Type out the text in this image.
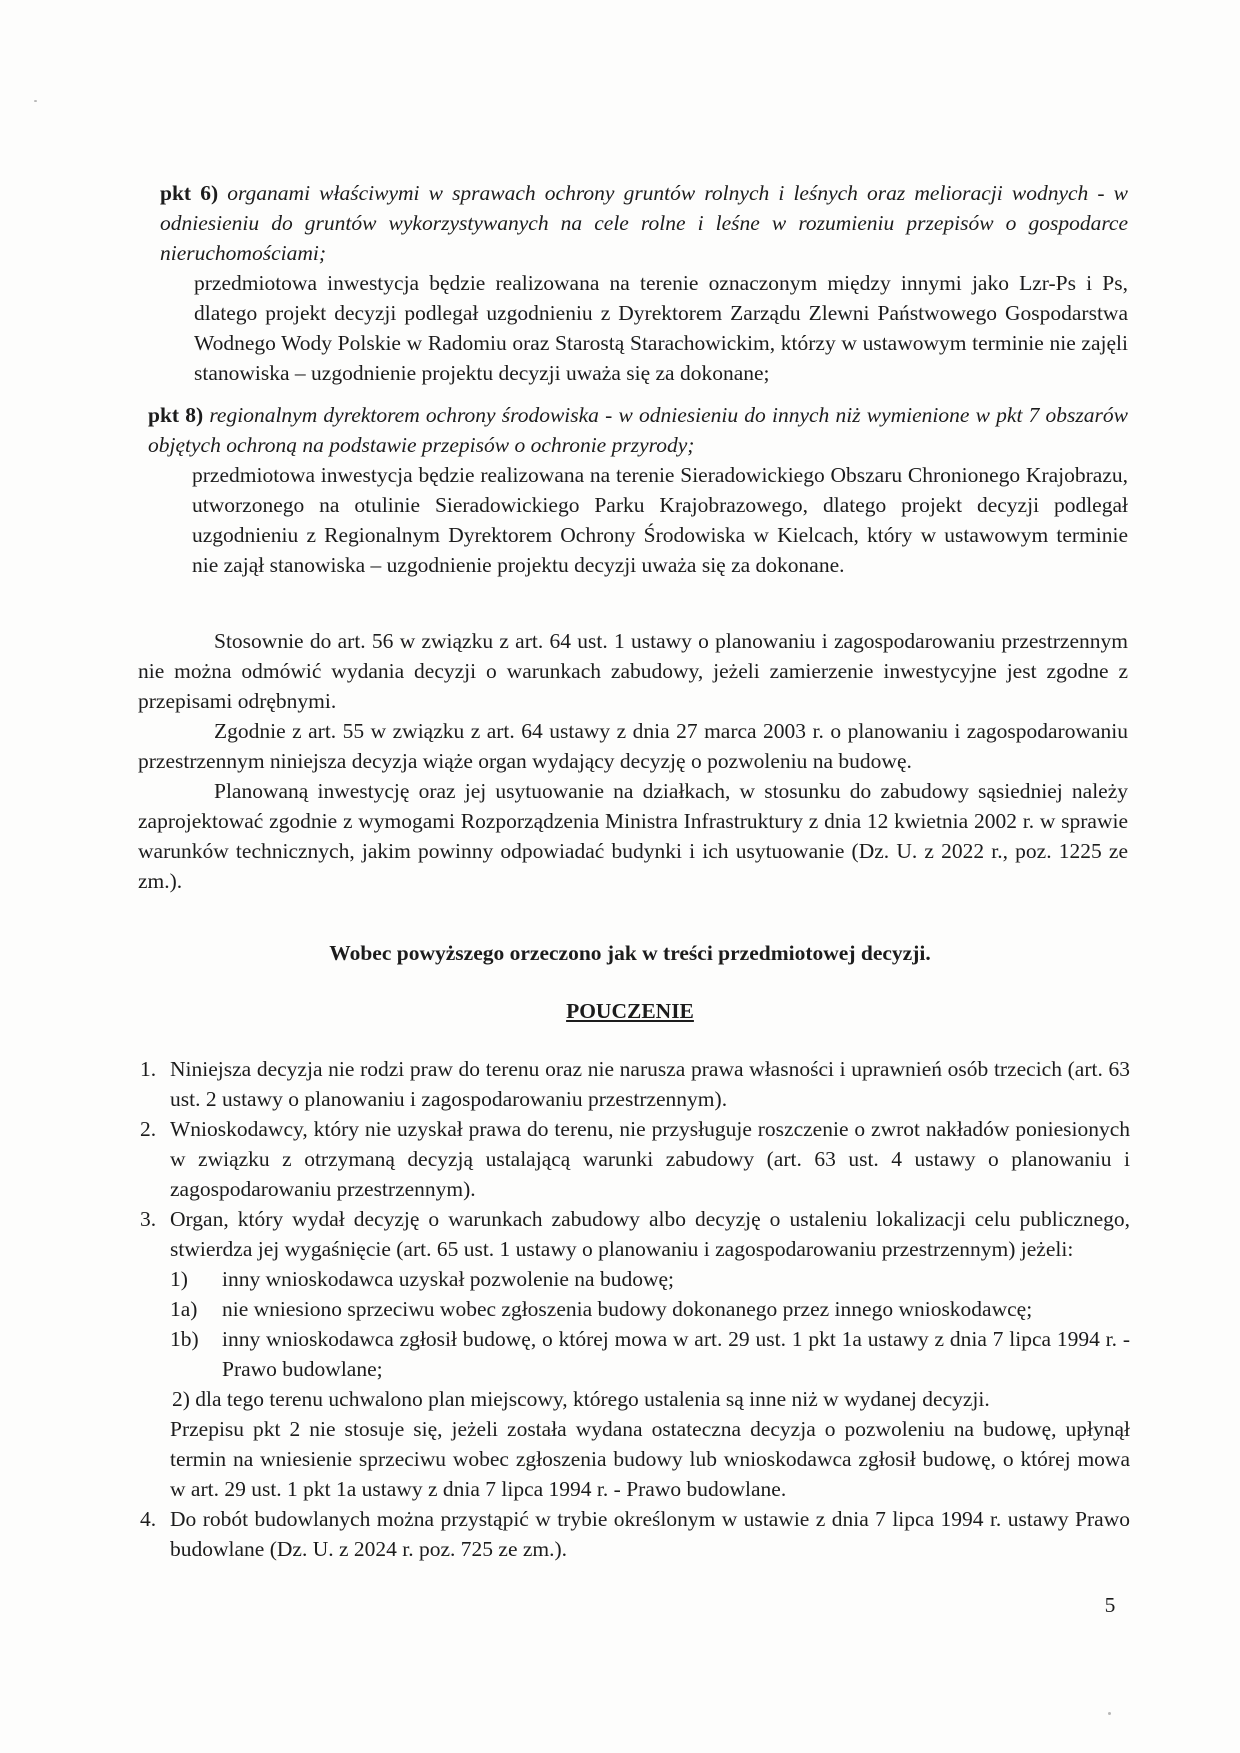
pkt 6) organami właściwymi w sprawach ochrony gruntów rolnych i leśnych oraz melioracji wodnych - w odniesieniu do gruntów wykorzystywanych na cele rolne i leśne w rozumieniu przepisów o gospodarce nieruchomościami;

przedmiotowa inwestycja będzie realizowana na terenie oznaczonym między innymi jako Lzr-Ps i Ps, dlatego projekt decyzji podlegał uzgodnieniu z Dyrektorem Zarządu Zlewni Państwowego Gospodarstwa Wodnego Wody Polskie w Radomiu oraz Starostą Starachowickim, którzy w ustawowym terminie nie zajęli stanowiska – uzgodnienie projektu decyzji uważa się za dokonane;

pkt 8) regionalnym dyrektorem ochrony środowiska - w odniesieniu do innych niż wymienione w pkt 7 obszarów objętych ochroną na podstawie przepisów o ochronie przyrody;

przedmiotowa inwestycja będzie realizowana na terenie Sieradowickiego Obszaru Chronionego Krajobrazu, utworzonego na otulinie Sieradowickiego Parku Krajobrazowego, dlatego projekt decyzji podlegał uzgodnieniu z Regionalnym Dyrektorem Ochrony Środowiska w Kielcach, który w ustawowym terminie nie zajął stanowiska – uzgodnienie projektu decyzji uważa się za dokonane.

Stosownie do art. 56 w związku z art. 64 ust. 1 ustawy o planowaniu i zagospodarowaniu przestrzennym nie można odmówić wydania decyzji o warunkach zabudowy, jeżeli zamierzenie inwestycyjne jest zgodne z przepisami odrębnymi.

Zgodnie z art. 55 w związku z art. 64 ustawy z dnia 27 marca 2003 r. o planowaniu i zagospodarowaniu przestrzennym niniejsza decyzja wiąże organ wydający decyzję o pozwoleniu na budowę.

Planowaną inwestycję oraz jej usytuowanie na działkach, w stosunku do zabudowy sąsiedniej należy zaprojektować zgodnie z wymogami Rozporządzenia Ministra Infrastruktury z dnia 12 kwietnia 2002 r. w sprawie warunków technicznych, jakim powinny odpowiadać budynki i ich usytuowanie (Dz. U. z 2022 r., poz. 1225 ze zm.).

Wobec powyższego orzeczono jak w treści przedmiotowej decyzji.
POUCZENIE
1. Niniejsza decyzja nie rodzi praw do terenu oraz nie narusza prawa własności i uprawnień osób trzecich (art. 63 ust. 2 ustawy o planowaniu i zagospodarowaniu przestrzennym).
2. Wnioskodawcy, który nie uzyskał prawa do terenu, nie przysługuje roszczenie o zwrot nakładów poniesionych w związku z otrzymaną decyzją ustalającą warunki zabudowy (art. 63 ust. 4 ustawy o planowaniu i zagospodarowaniu przestrzennym).
3. Organ, który wydał decyzję o warunkach zabudowy albo decyzję o ustaleniu lokalizacji celu publicznego, stwierdza jej wygaśnięcie (art. 65 ust. 1 ustawy o planowaniu i zagospodarowaniu przestrzennym) jeżeli:
1) inny wnioskodawca uzyskał pozwolenie na budowę;
1a) nie wniesiono sprzeciwu wobec zgłoszenia budowy dokonanego przez innego wnioskodawcę;
1b) inny wnioskodawca zgłosił budowę, o której mowa w art. 29 ust. 1 pkt 1a ustawy z dnia 7 lipca 1994 r. - Prawo budowlane;

2) dla tego terenu uchwalono plan miejscowy, którego ustalenia są inne niż w wydanej decyzji.

Przepisu pkt 2 nie stosuje się, jeżeli została wydana ostateczna decyzja o pozwoleniu na budowę, upłynął termin na wniesienie sprzeciwu wobec zgłoszenia budowy lub wnioskodawca zgłosił budowę, o której mowa w art. 29 ust. 1 pkt 1a ustawy z dnia 7 lipca 1994 r. - Prawo budowlane.

4. Do robót budowlanych można przystąpić w trybie określonym w ustawie z dnia 7 lipca 1994 r. ustawy Prawo budowlane (Dz. U. z 2024 r. poz. 725 ze zm.).
5
